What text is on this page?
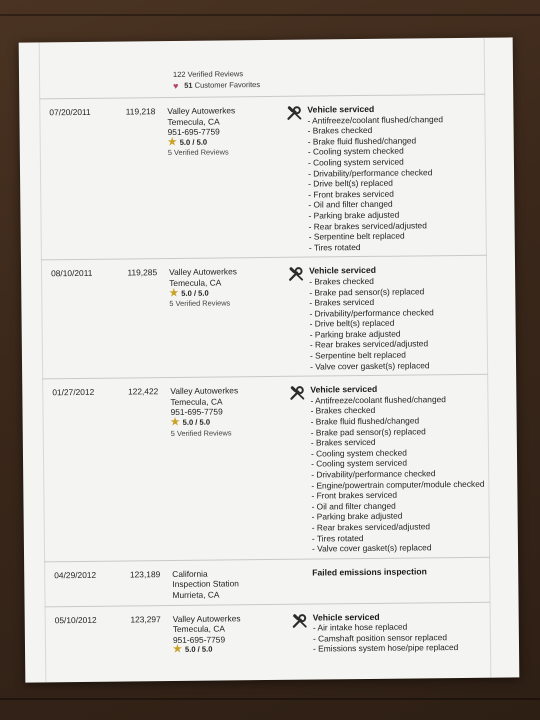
122 Verified Reviews
♥ 51 Customer Favorites
07/20/2011	119,218	Valley Autowerkes
Temecula, CA
951-695-7759
★ 5.0 / 5.0
5 Verified Reviews
Vehicle serviced
- Antifreeze/coolant flushed/changed
- Brakes checked
- Brake fluid flushed/changed
- Cooling system checked
- Cooling system serviced
- Drivability/performance checked
- Drive belt(s) replaced
- Front brakes serviced
- Oil and filter changed
- Parking brake adjusted
- Rear brakes serviced/adjusted
- Serpentine belt replaced
- Tires rotated
08/10/2011	119,285	Valley Autowerkes
Temecula, CA
★ 5.0 / 5.0
5 Verified Reviews
Vehicle serviced
- Brakes checked
- Brake pad sensor(s) replaced
- Brakes serviced
- Drivability/performance checked
- Drive belt(s) replaced
- Parking brake adjusted
- Rear brakes serviced/adjusted
- Serpentine belt replaced
- Valve cover gasket(s) replaced
01/27/2012	122,422	Valley Autowerkes
Temecula, CA
951-695-7759
★ 5.0 / 5.0
5 Verified Reviews
Vehicle serviced
- Antifreeze/coolant flushed/changed
- Brakes checked
- Brake fluid flushed/changed
- Brake pad sensor(s) replaced
- Brakes serviced
- Cooling system checked
- Cooling system serviced
- Drivability/performance checked
- Engine/powertrain computer/module checked
- Front brakes serviced
- Oil and filter changed
- Parking brake adjusted
- Rear brakes serviced/adjusted
- Tires rotated
- Valve cover gasket(s) replaced
04/29/2012	123,189	California
Inspection Station
Murrieta, CA
Failed emissions inspection
05/10/2012	123,297	Valley Autowerkes
Temecula, CA
951-695-7759
★ 5.0 / 5.0
Vehicle serviced
- Air intake hose replaced
- Camshaft position sensor replaced
- Emissions system hose/pipe replaced
